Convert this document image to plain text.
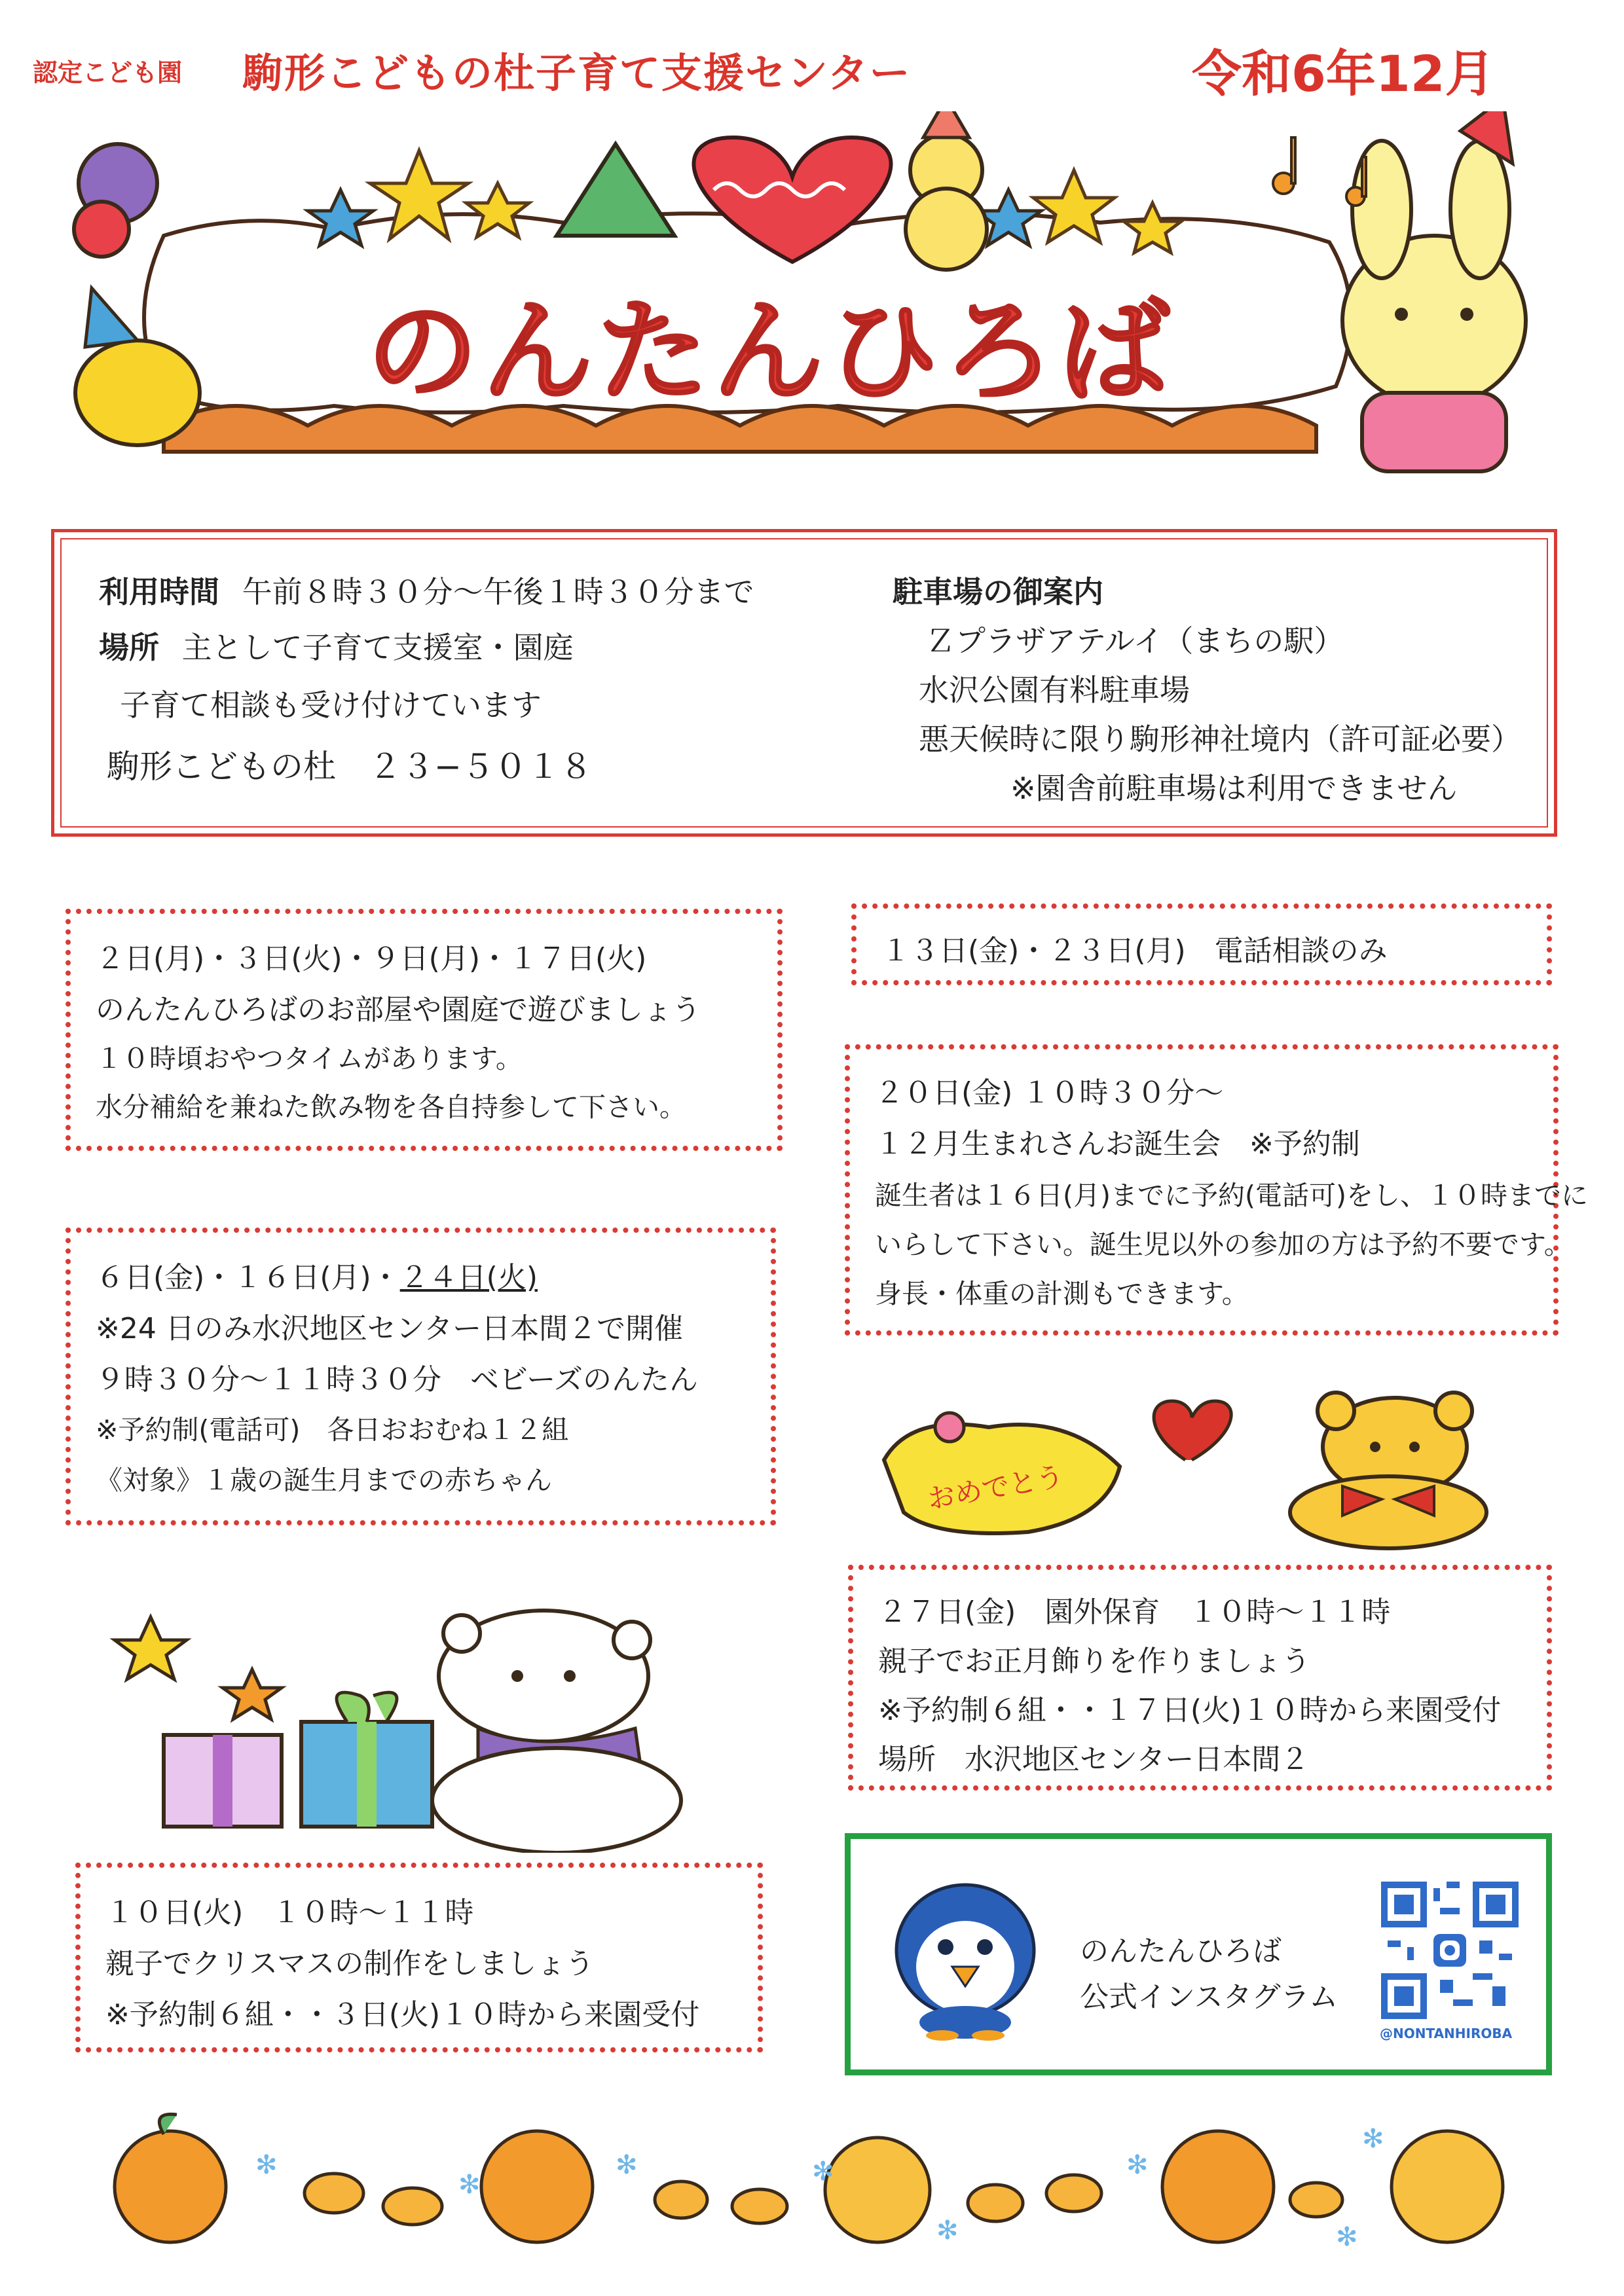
認定こども園 駒形こどもの杜子育て支援センター	令和6年12月
のんたんひろば
利用時間 午前８時３０分〜午後１時３０分まで
場所 主として子育て支援室・園庭
子育て相談も受け付けています
駒形こどもの杜　２３−５０１８
駐車場の御案内
Ｚプラザアテルイ（まちの駅）
水沢公園有料駐車場
悪天候時に限り駒形神社境内（許可証必要）
※園舎前駐車場は利用できません
２日(月)・３日(火)・９日(月)・１７日(火)
のんたんひろばのお部屋や園庭で遊びましょう
１０時頃おやつタイムがあります。
水分補給を兼ねた飲み物を各自持参して下さい。
６日(金)・１６日(月)・２４日(火)
※24 日のみ水沢地区センター日本間２で開催
９時３０分〜１１時３０分　ベビーズのんたん
※予約制(電話可)　各日おおむね１２組
《対象》１歳の誕生月までの赤ちゃん
１０日(火)　１０時〜１１時
親子でクリスマスの制作をしましょう
※予約制６組・・３日(火)１０時から来園受付
１３日(金)・２３日(月)　電話相談のみ
２０日(金) １０時３０分〜
１２月生まれさんお誕生会　※予約制
誕生者は１６日(月)までに予約(電話可)をし、１０時までに
いらして下さい。誕生児以外の参加の方は予約不要です。
身長・体重の計測もできます。
おめでとう
２７日(金)　園外保育　１０時〜１１時
親子でお正月飾りを作りましょう
※予約制６組・・１７日(火)１０時から来園受付
場所　水沢地区センター日本間２
のんたんひろば
公式インスタグラム
@NONTANHIROBA
✻
✻
✻	✻
✻
✻
✻
✻
